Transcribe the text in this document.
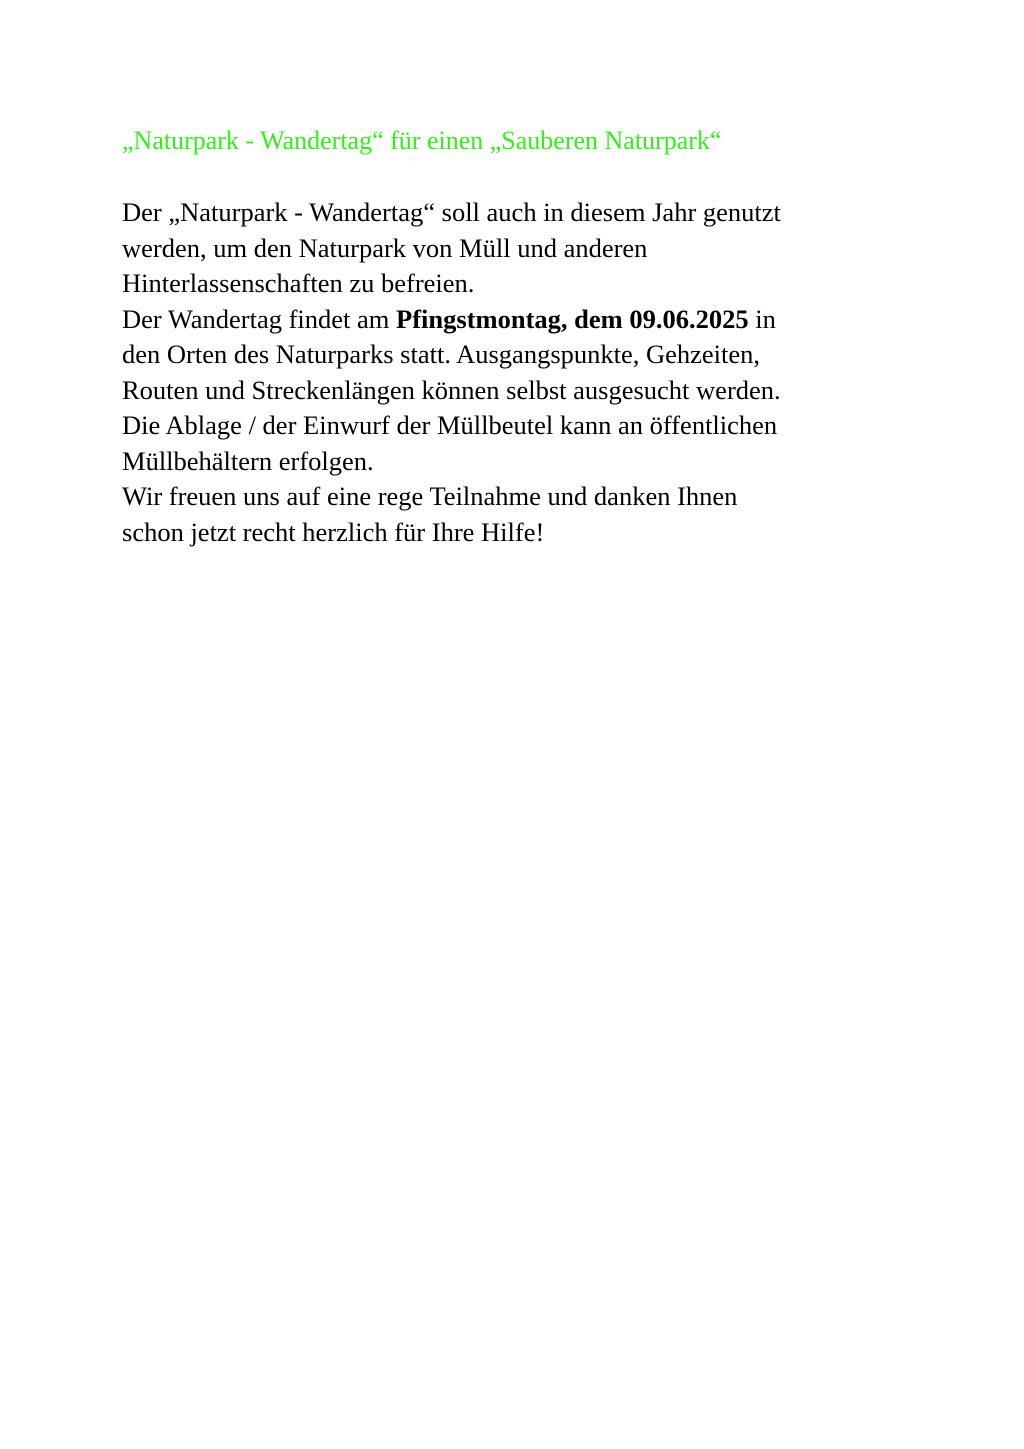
„Naturpark - Wandertag“ für einen „Sauberen Naturpark“
Der „Naturpark - Wandertag“ soll auch in diesem Jahr genutzt
werden, um den Naturpark von Müll und anderen
Hinterlassenschaften zu befreien.
Der Wandertag findet am Pfingstmontag, dem 09.06.2025 in
den Orten des Naturparks statt. Ausgangspunkte, Gehzeiten,
Routen und Streckenlängen können selbst ausgesucht werden.
Die Ablage / der Einwurf der Müllbeutel kann an öffentlichen
Müllbehältern erfolgen.
Wir freuen uns auf eine rege Teilnahme und danken Ihnen
schon jetzt recht herzlich für Ihre Hilfe!
